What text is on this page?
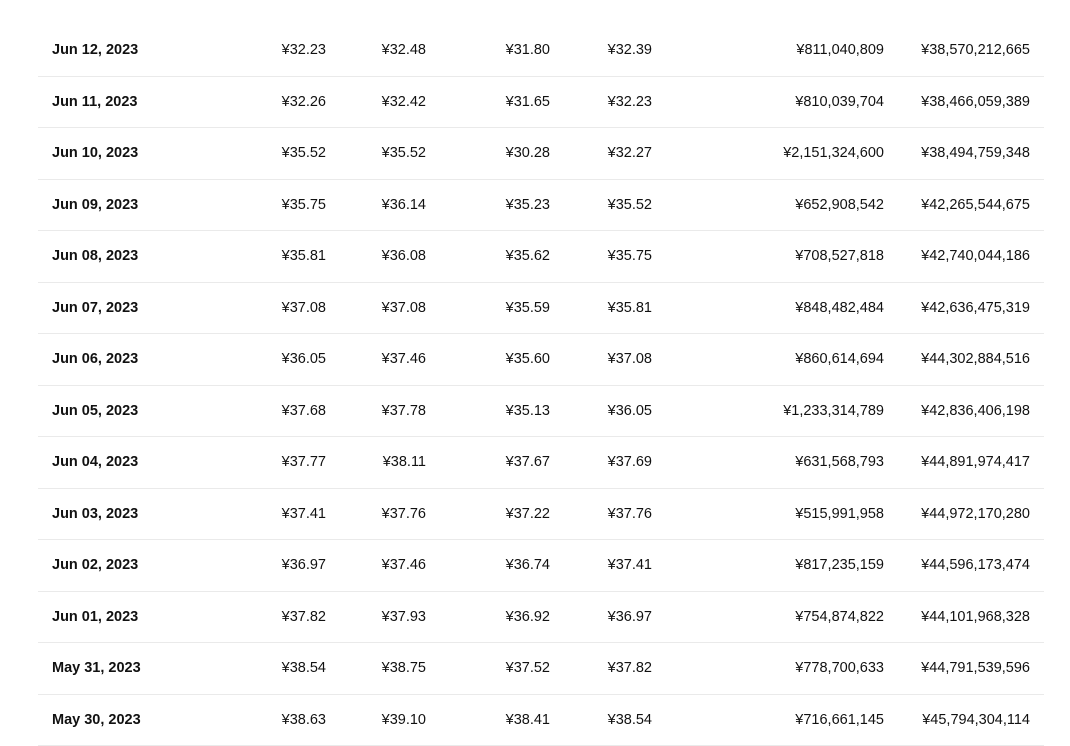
Jun 12, 2023	¥32.23	¥32.48	¥31.80	¥32.39	¥811,040,809	¥38,570,212,665
Jun 11, 2023	¥32.26	¥32.42	¥31.65	¥32.23	¥810,039,704	¥38,466,059,389
Jun 10, 2023	¥35.52	¥35.52	¥30.28	¥32.27	¥2,151,324,600	¥38,494,759,348
Jun 09, 2023	¥35.75	¥36.14	¥35.23	¥35.52	¥652,908,542	¥42,265,544,675
Jun 08, 2023	¥35.81	¥36.08	¥35.62	¥35.75	¥708,527,818	¥42,740,044,186
Jun 07, 2023	¥37.08	¥37.08	¥35.59	¥35.81	¥848,482,484	¥42,636,475,319
Jun 06, 2023	¥36.05	¥37.46	¥35.60	¥37.08	¥860,614,694	¥44,302,884,516
Jun 05, 2023	¥37.68	¥37.78	¥35.13	¥36.05	¥1,233,314,789	¥42,836,406,198
Jun 04, 2023	¥37.77	¥38.11	¥37.67	¥37.69	¥631,568,793	¥44,891,974,417
Jun 03, 2023	¥37.41	¥37.76	¥37.22	¥37.76	¥515,991,958	¥44,972,170,280
Jun 02, 2023	¥36.97	¥37.46	¥36.74	¥37.41	¥817,235,159	¥44,596,173,474
Jun 01, 2023	¥37.82	¥37.93	¥36.92	¥36.97	¥754,874,822	¥44,101,968,328
May 31, 2023	¥38.54	¥38.75	¥37.52	¥37.82	¥778,700,633	¥44,791,539,596
May 30, 2023	¥38.63	¥39.10	¥38.41	¥38.54	¥716,661,145	¥45,794,304,114
